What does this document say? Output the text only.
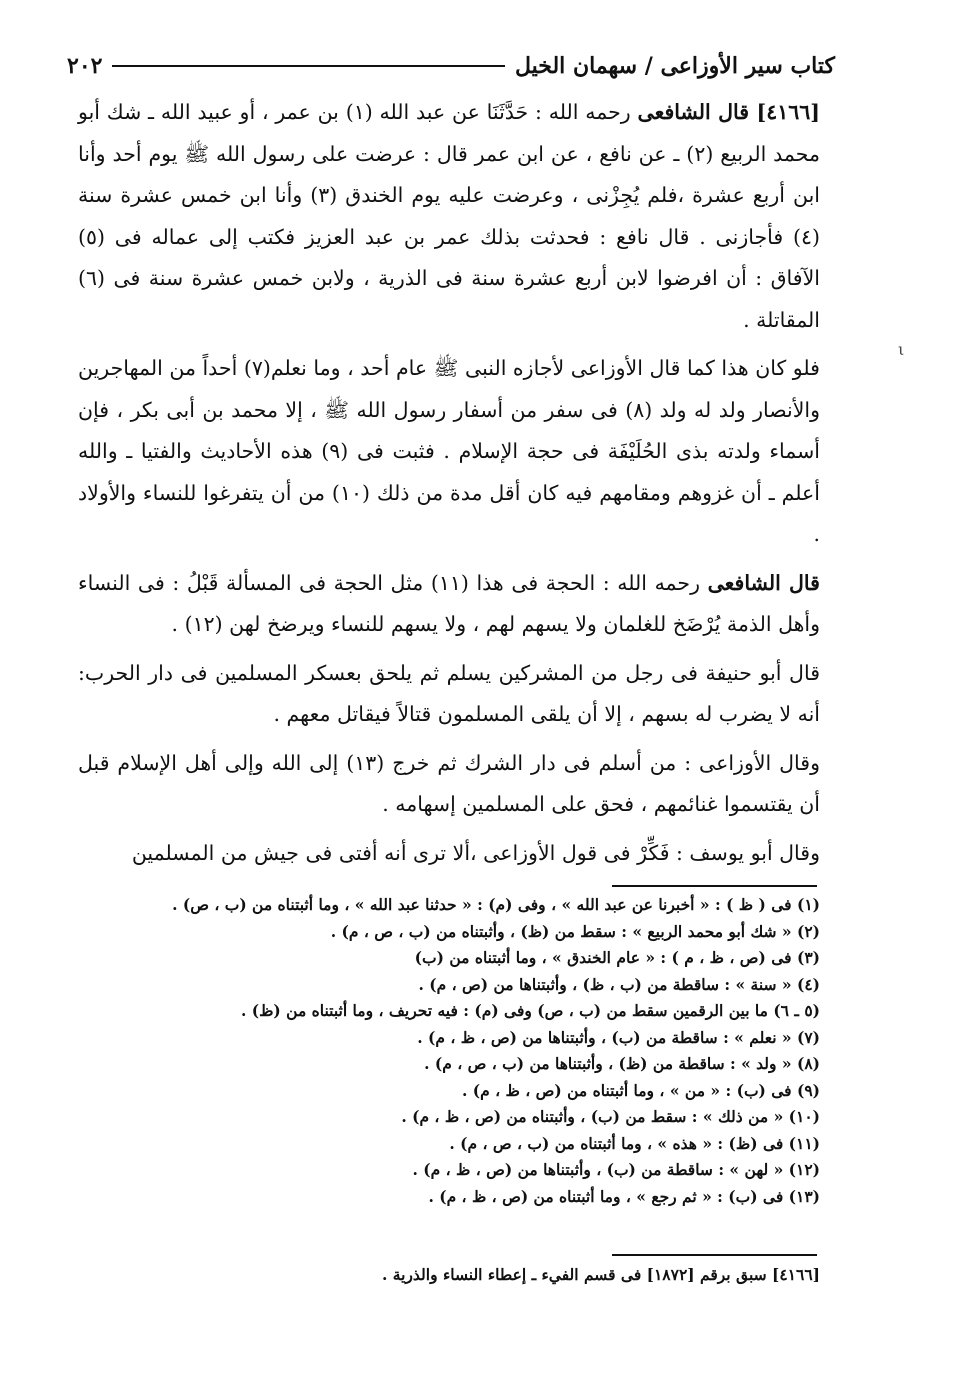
كتاب سير الأوزاعى / سهمان الخيل
٢٠٢

[٤١٦٦] قال الشافعى رحمه الله : حَدَّثَنَا عن عبد الله (١) بن عمر ، أو عبيد الله ـ شك أبو محمد الربيع (٢) ـ عن نافع ، عن ابن عمر قال : عرضت على رسول الله ﷺ يوم أحد وأنا ابن أربع عشرة ،فلم يُجِزْنى ، وعرضت عليه يوم الخندق (٣) وأنا ابن خمس عشرة سنة (٤) فأجازنى . قال نافع : فحدثت بذلك عمر بن عبد العزيز فكتب إلى عماله فى (٥) الآفاق : أن افرضوا لابن أربع عشرة سنة فى الذرية ، ولابن خمس عشرة سنة فى (٦) المقاتلة .

فلو كان هذا كما قال الأوزاعى لأجازه النبى ﷺ عام أحد ، وما نعلم(٧) أحداً من المهاجرين والأنصار ولد له ولد (٨) فى سفر من أسفار رسول الله ﷺ ، إلا محمد بن أبى بكر ، فإن أسماء ولدته بذى الحُلَيْفَة فى حجة الإسلام . فثبت فى (٩) هذه الأحاديث والفتيا ـ والله أعلم ـ أن غزوهم ومقامهم فيه كان أقل مدة من ذلك (١٠) من أن يتفرغوا للنساء والأولاد .

قال الشافعى رحمه الله : الحجة فى هذا (١١) مثل الحجة فى المسألة قَبْلُ : فى النساء وأهل الذمة يُرْضَخ للغلمان ولا يسهم لهم ، ولا يسهم للنساء ويرضخ لهن (١٢) .

قال أبو حنيفة فى رجل من المشركين يسلم ثم يلحق بعسكر المسلمين فى دار الحرب: أنه لا يضرب له بسهم ، إلا أن يلقى المسلمون قتالاً فيقاتل معهم .

وقال الأوزاعى : من أسلم فى دار الشرك ثم خرج (١٣) إلى الله وإلى أهل الإسلام قبل أن يقتسموا غنائمهم ، فحق على المسلمين إسهامه .

وقال أبو يوسف : فَكِّرْ فى قول الأوزاعى ،ألا ترى أنه أفتى فى جيش من المسلمين

(١) فى ( ظ ) : « أخبرنا عن عبد الله » ، وفى (م) : « حدثنا عبد الله » ، وما أثبتناه من (ب ، ص) .
(٢) « شك أبو محمد الربيع » : سقط من (ظ) ، وأثبتناه من (ب ، ص ، م) .
(٣) فى (ص ، ظ ، م ) : « عام الخندق » ، وما أثبتناه من (ب)
(٤) « سنة » : ساقطة من (ب ، ظ) ، وأثبتناها من (ص ، م) .
(٥ ـ ٦) ما بين الرقمين سقط من (ب ، ص) وفى (م) : فيه تحريف ، وما أثبتناه من (ظ) .
(٧) « نعلم » : ساقطة من (ب) ، وأثبتناها من (ص ، ظ ، م) .
(٨) « ولد » : ساقطة من (ظ) ، وأثبتناها من (ب ، ص ، م) .
(٩) فى (ب) : « من » ، وما أثبتناه من (ص ، ظ ، م) .
(١٠) « من ذلك » : سقط من (ب) ، وأثبتناه من (ص ، ظ ، م) .
(١١) فى (ظ) : « هذه » ، وما أثبتناه من (ب ، ص ، م) .
(١٢) « لهن » : ساقطة من (ب) ، وأثبتناها من (ص ، ظ ، م) .
(١٣) فى (ب) : « ثم رجع » ، وما أثبتناه من (ص ، ظ ، م) .
[٤١٦٦] سبق برقم [١٨٧٢] فى قسم الفيء ـ إعطاء النساء والذرية .
ι
